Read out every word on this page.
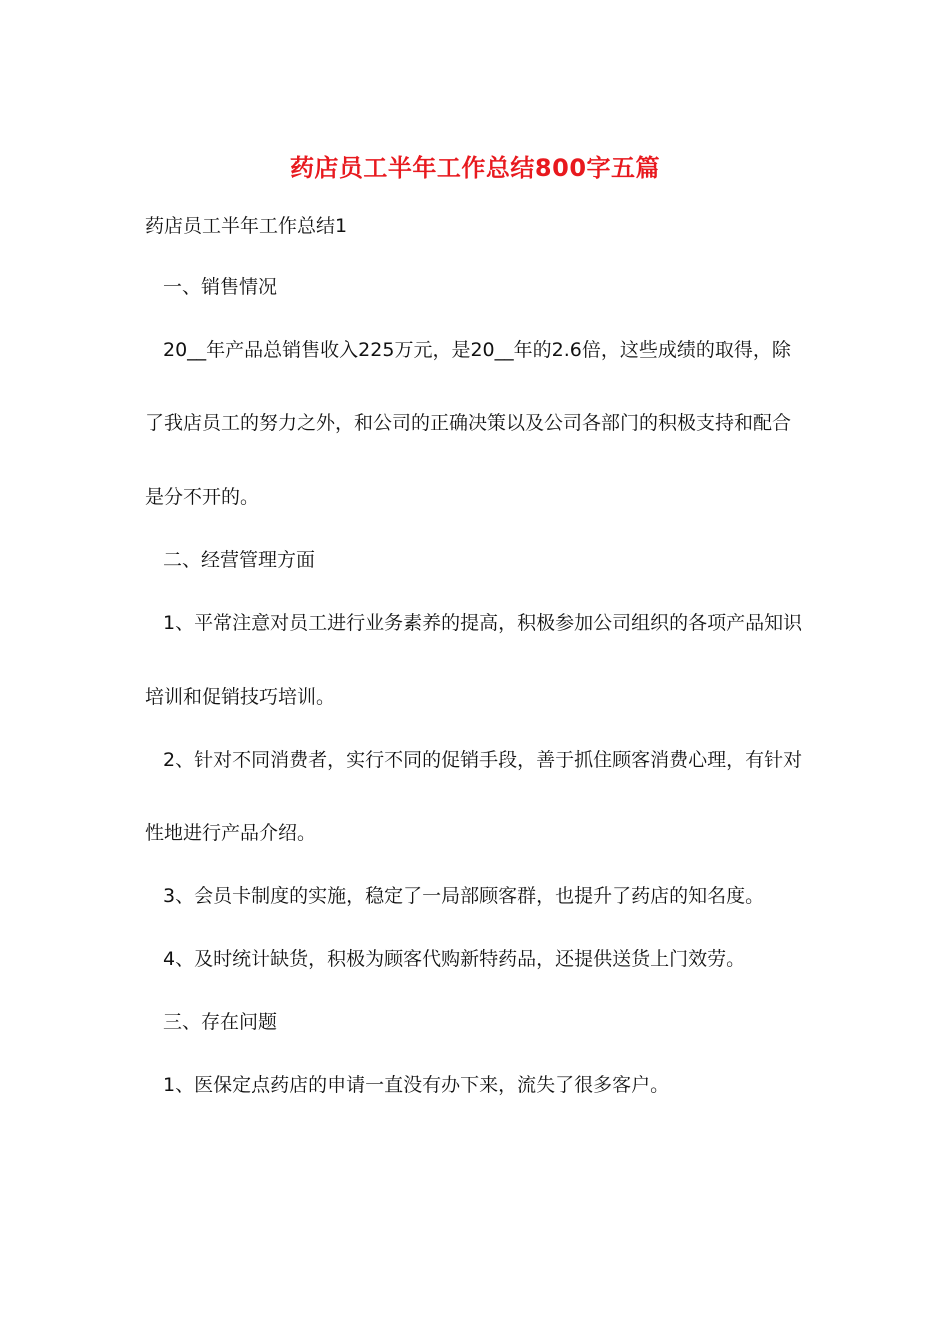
药店员工半年工作总结800字五篇
药店员工半年工作总结1
一、销售情况
20__年产品总销售收入225万元，是20__年的2.6倍，这些成绩的取得，除
了我店员工的努力之外，和公司的正确决策以及公司各部门的积极支持和配合
是分不开的。
二、经营管理方面
1、平常注意对员工进行业务素养的提高，积极参加公司组织的各项产品知识
培训和促销技巧培训。
2、针对不同消费者，实行不同的促销手段，善于抓住顾客消费心理，有针对
性地进行产品介绍。
3、会员卡制度的实施，稳定了一局部顾客群，也提升了药店的知名度。
4、及时统计缺货，积极为顾客代购新特药品，还提供送货上门效劳。
三、存在问题
1、医保定点药店的申请一直没有办下来，流失了很多客户。
